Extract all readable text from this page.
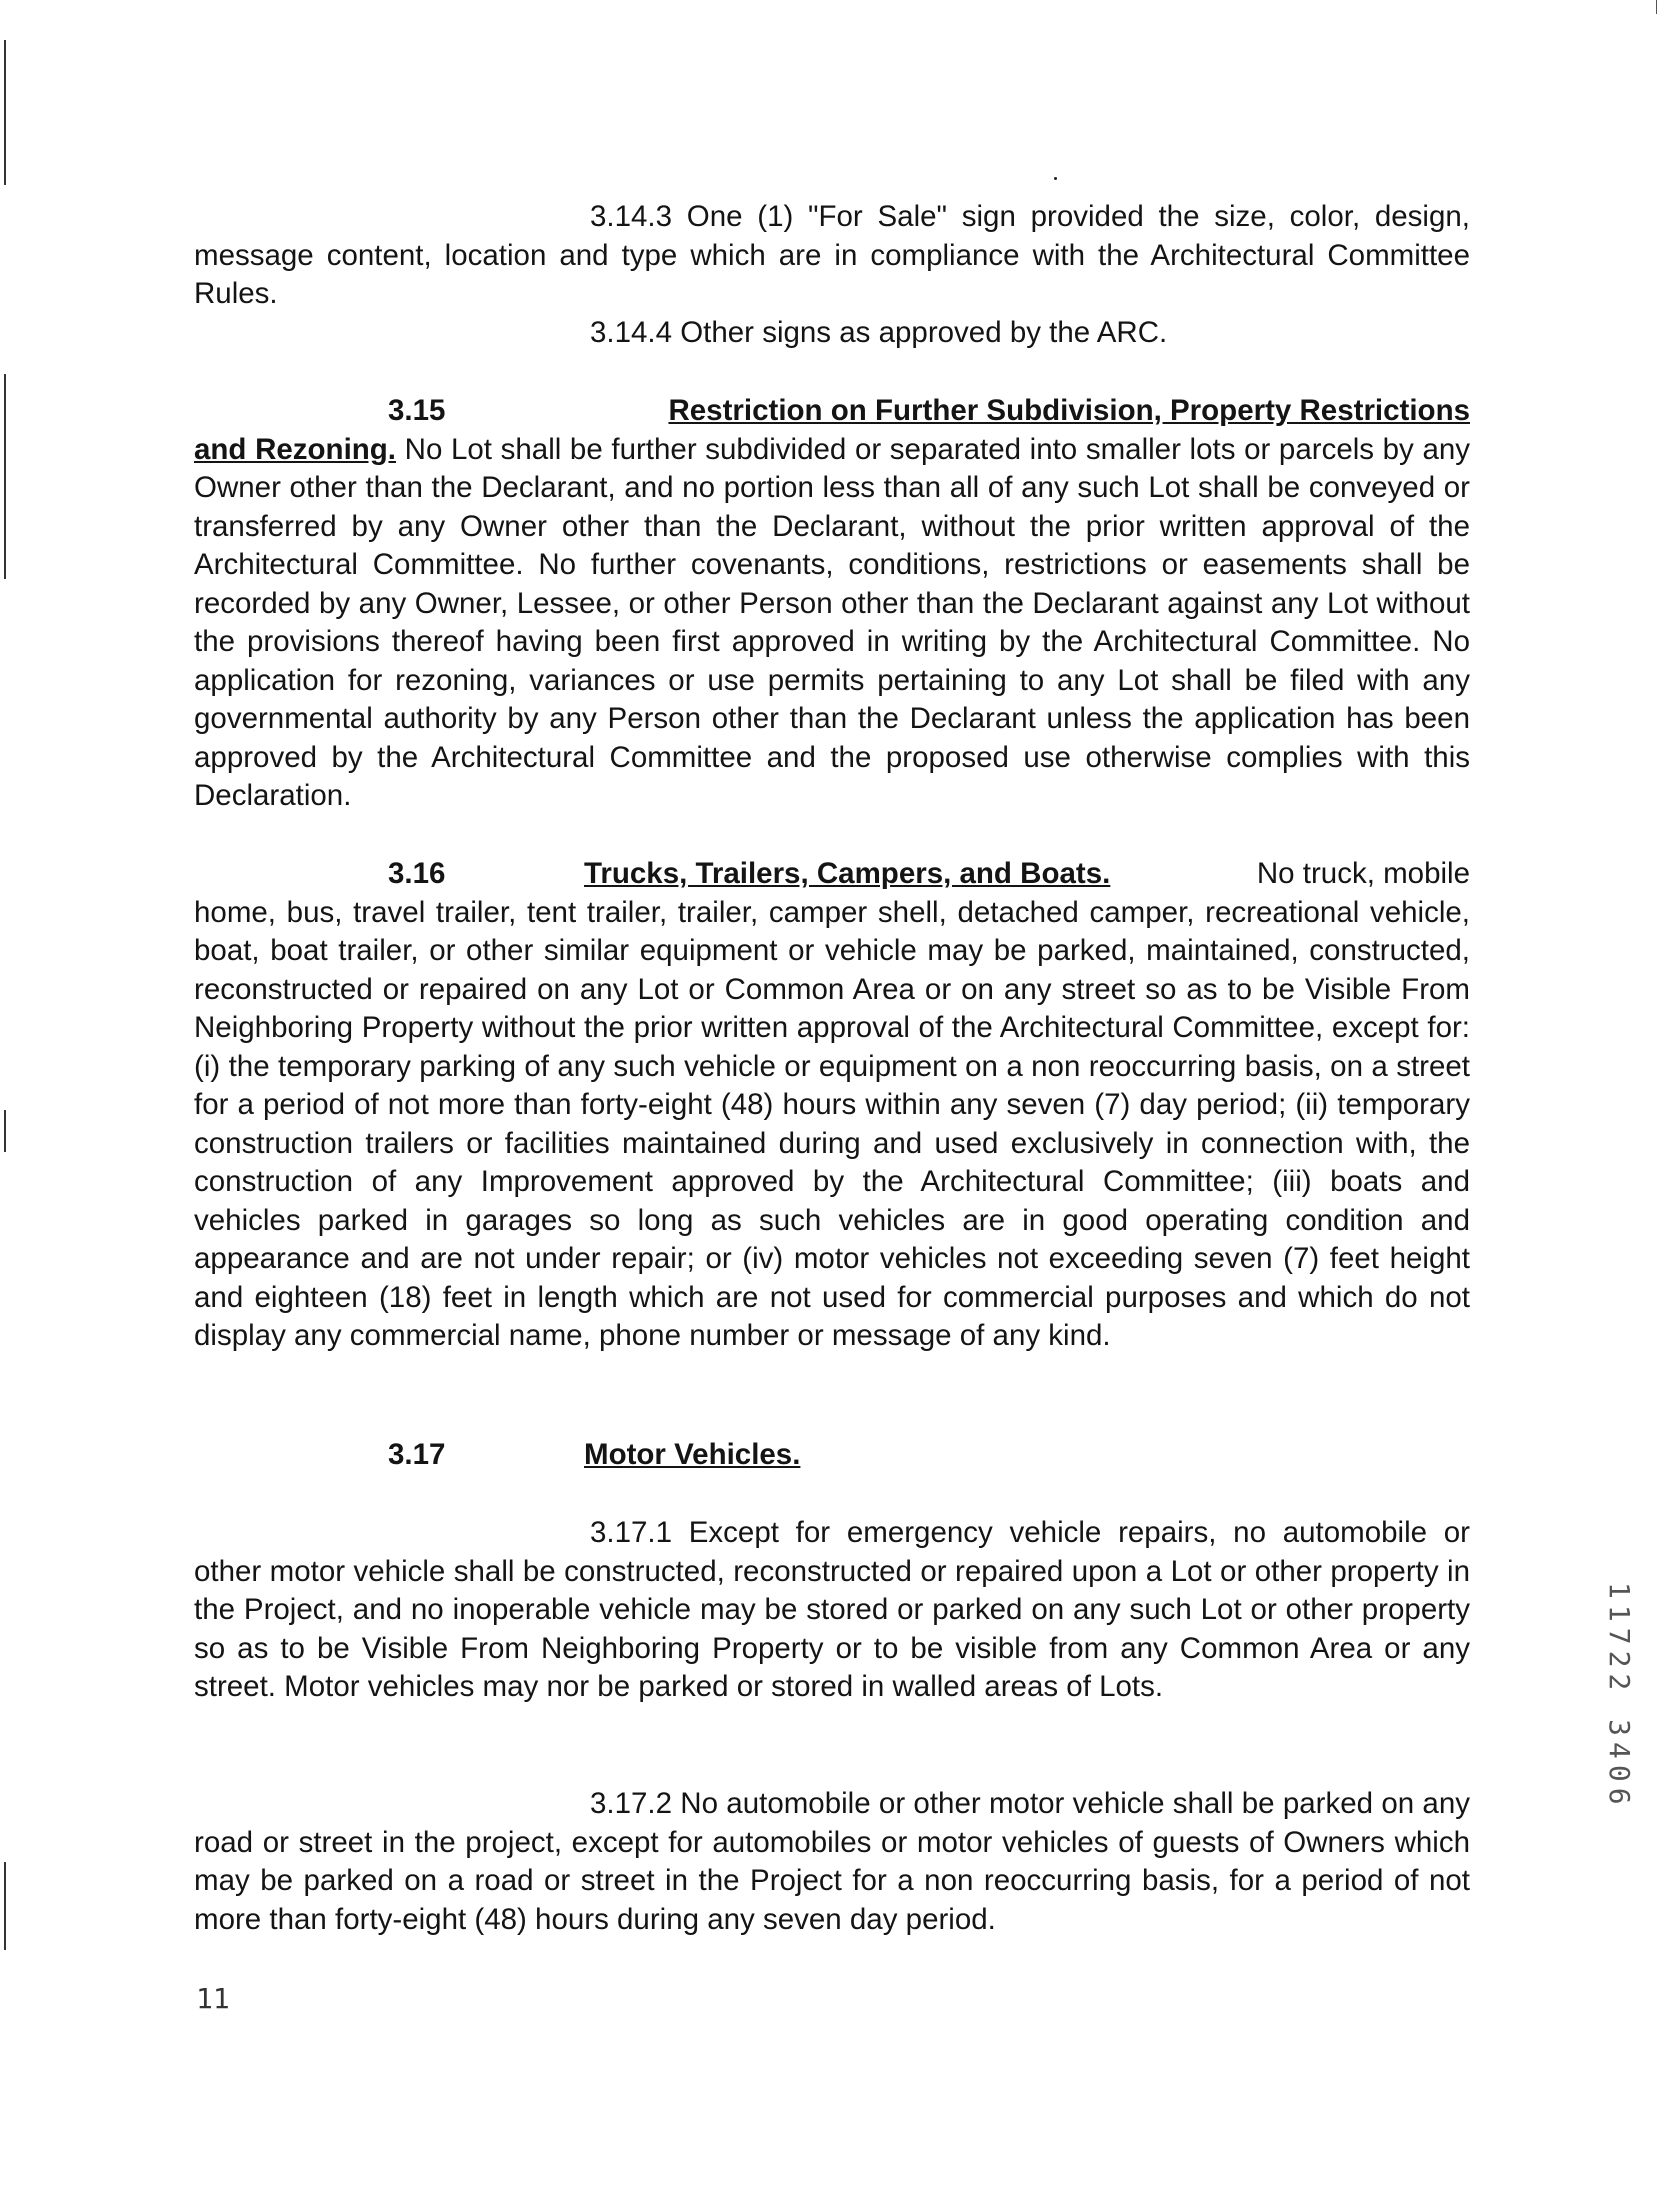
3.14.3 One (1) "For Sale" sign provided the size, color, design, message content, location and type which are in compliance with the Architectural Committee Rules.
3.14.4 Other signs as approved by the ARC.
3.15	Restriction on Further Subdivision, Property Restrictions
and Rezoning. No Lot shall be further subdivided or separated into smaller lots or parcels by any Owner other than the Declarant, and no portion less than all of any such Lot shall be conveyed or transferred by any Owner other than the Declarant, without the prior written approval of the Architectural Committee. No further covenants, conditions, restrictions or easements shall be recorded by any Owner, Lessee, or other Person other than the Declarant against any Lot without the provisions thereof having been first approved in writing by the Architectural Committee. No application for rezoning, variances or use permits pertaining to any Lot shall be filed with any governmental authority by any Person other than the Declarant unless the application has been approved by the Architectural Committee and the proposed use otherwise complies with this Declaration.
3.16	Trucks, Trailers, Campers, and Boats.	No truck, mobile
home, bus, travel trailer, tent trailer, trailer, camper shell, detached camper, recreational vehicle, boat, boat trailer, or other similar equipment or vehicle may be parked, maintained, constructed, reconstructed or repaired on any Lot or Common Area or on any street so as to be Visible From Neighboring Property without the prior written approval of the Architectural Committee, except for: (i) the temporary parking of any such vehicle or equipment on a non reoccurring basis, on a street for a period of not more than forty-eight (48) hours within any seven (7) day period; (ii) temporary construction trailers or facilities maintained during and used exclusively in connection with, the construction of any Improvement approved by the Architectural Committee; (iii) boats and vehicles parked in garages so long as such vehicles are in good operating condition and appearance and are not under repair; or (iv) motor vehicles not exceeding seven (7) feet height and eighteen (18) feet in length which are not used for commercial purposes and which do not display any commercial name, phone number or message of any kind.
3.17	Motor Vehicles.
3.17.1 Except for emergency vehicle repairs, no automobile or other motor vehicle shall be constructed, reconstructed or repaired upon a Lot or other property in the Project, and no inoperable vehicle may be stored or parked on any such Lot or other property so as to be Visible From Neighboring Property or to be visible from any Common Area or any street. Motor vehicles may nor be parked or stored in walled areas of Lots.
3.17.2 No automobile or other motor vehicle shall be parked on any road or street in the project, except for automobiles or motor vehicles of guests of Owners which may be parked on a road or street in the Project for a non reoccurring basis, for a period of not more than forty-eight (48) hours during any seven day period.
11
11722 3406
